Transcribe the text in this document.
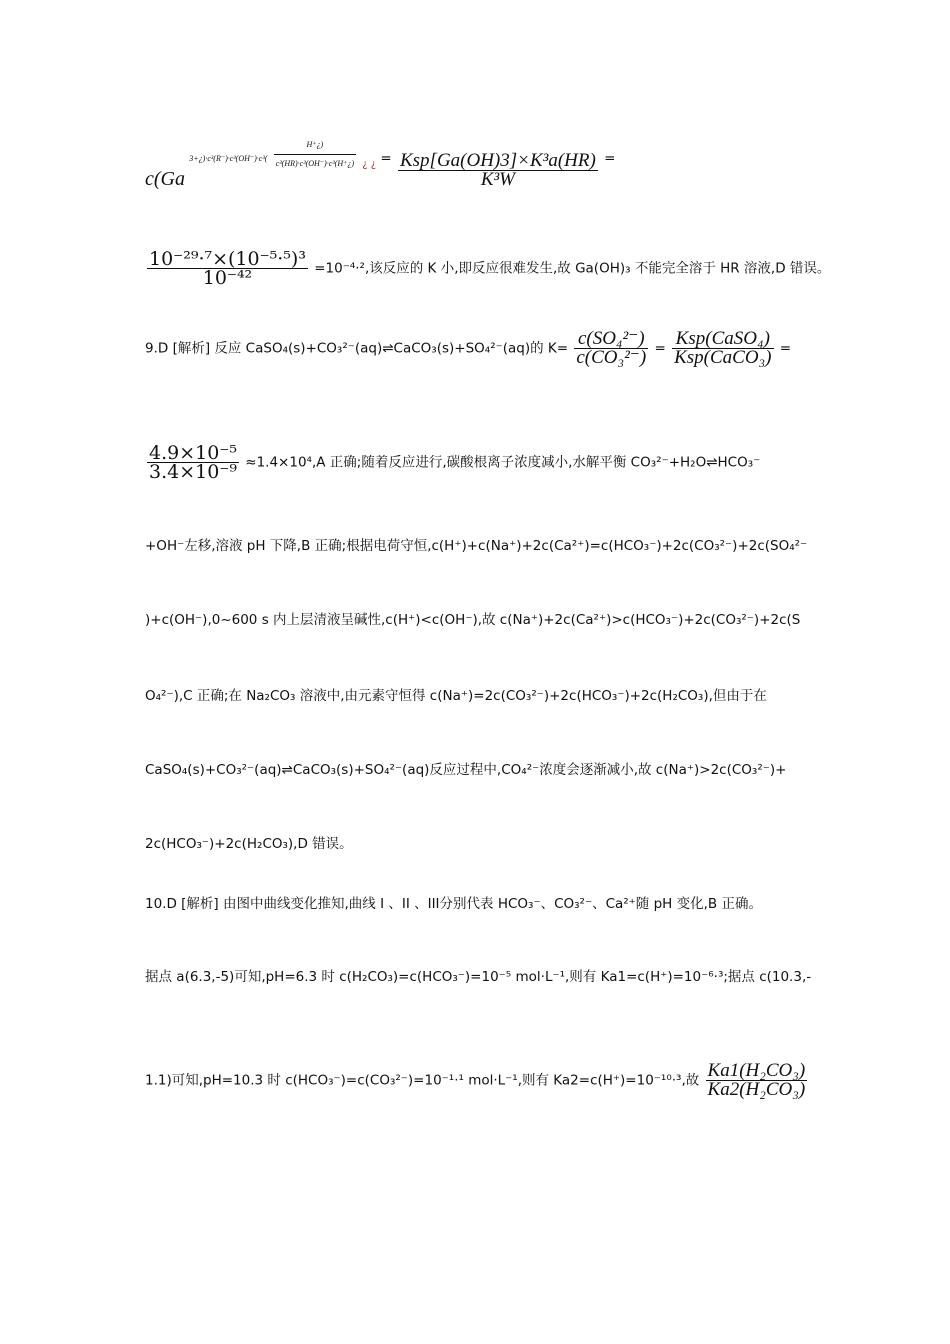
c(Ga 3+¿)·c³(R⁻)·c³(OH⁻)·c³( $\frac{H^+¿)}{\text{c³(HR)·c³(OH⁻)·c³(H⁺¿)}} _{¿ ¿} = \frac{\text{Ksp[Ga(OH)3]×K³a(HR)}}{\text{K³W}}$ =
$\frac{\text{10⁻²⁹·⁷×(10⁻⁵·⁵)³}}{\text{10⁻⁴²}} =10^{-4}\cdot^2$,该反应的 K 小,即反应很难发生,故 Ga(OH)₃ 不能完全溶于 HR 溶液,D 错误。
9.D [解析] 反应 CaSO₄(s)+CO₃²⁻(aq)⇌CaCO₃(s)+SO₄²⁻(aq)的 $K= \frac{\text{c(SO₄²⁻)}}{\text{c(CO₃²⁻)}} = \frac{\text{Ksp(CaSO₄)}}{\text{Ksp(CaCO₃)}}$ =
$\frac{\text{4.9×10⁻⁵}}{\text{3.4×10⁻⁹}} \approx 1.4\times 10^4,A$ 正确;随着反应进行,碳酸根离子浓度减小,水解平衡 CO₃²⁻+H₂O⇌HCO₃⁻
+OH⁻左移,溶液 pH 下降,B 正确;根据电荷守恒,c(H⁺)+c(Na⁺)+2c(Ca²⁺)=c(HCO₃⁻)+2c(CO₃²⁻)+2c(SO₄²⁻
)+c(OH⁻),0~600 s 内上层清液呈碱性,c(H⁺)<c(OH⁻),故 c(Na⁺)+2c(Ca²⁺)>c(HCO₃⁻)+2c(CO₃²⁻)+2c(S
O₄²⁻),C 正确;在 Na₂CO₃ 溶液中,由元素守恒得 c(Na⁺)=2c(CO₃²⁻)+2c(HCO₃⁻)+2c(H₂CO₃),但由于在
CaSO₄(s)+CO₃²⁻(aq)⇌CaCO₃(s)+SO₄²⁻(aq)反应过程中,CO₄²⁻浓度会逐渐减小,故 c(Na⁺)>2c(CO₃²⁻)+
2c(HCO₃⁻)+2c(H₂CO₃),D 错误。
10.D [解析] 由图中曲线变化推知,曲线 I 、II 、III分别代表 HCO₃⁻、CO₃²⁻、Ca²⁺随 pH 变化,B 正确。
据点 a(6.3,-5)可知,pH=6.3 时 c(H₂CO₃)=c(HCO₃⁻)=10⁻⁵ mol·L⁻¹,则有 Ka1=c(H⁺)=10⁻⁶·³;据点 c(10.3,-
1.1)可知,pH=10.3 时 c(HCO₃⁻)=c(CO₃²⁻)=10⁻¹·¹ mol·L⁻¹,则有 Ka2=c(H⁺)=10⁻¹⁰·³,故 $\frac{\text{Ka1(H₂CO₃)}}{\text{Ka2(H₂CO₃)}}$
